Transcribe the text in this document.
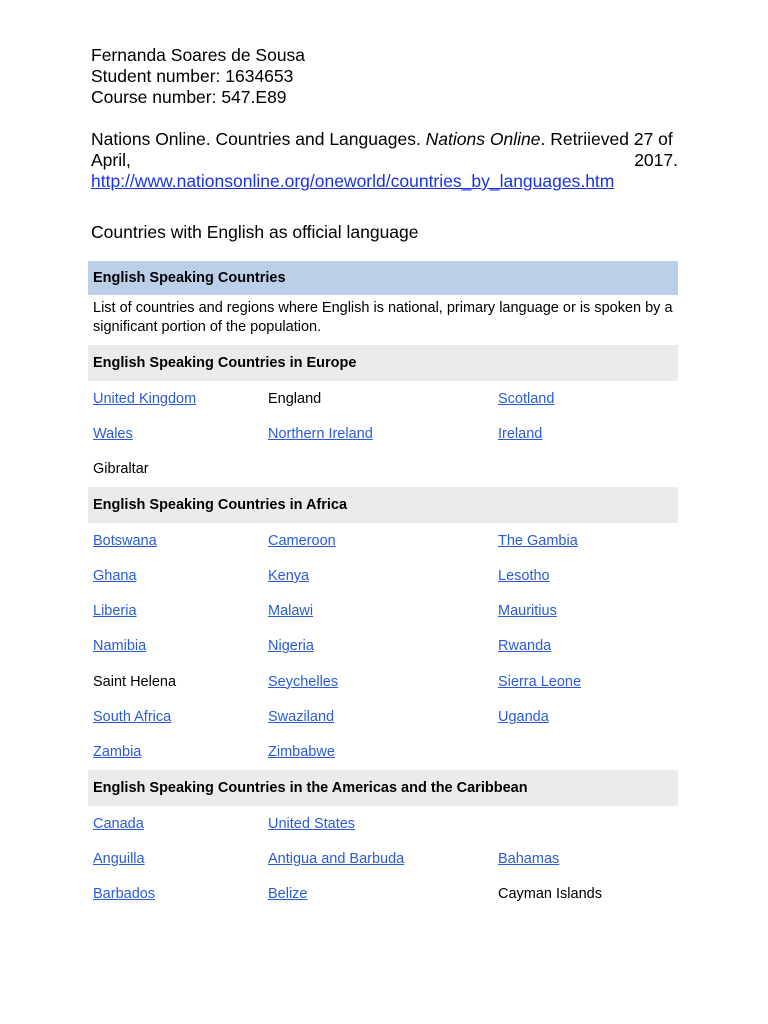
Fernanda Soares de Sousa
Student number: 1634653
Course number: 547.E89
Nations Online. Countries and Languages. Nations Online. Retriieved 27 of
April,	2017.
http://www.nationsonline.org/oneworld/countries_by_languages.htm
Countries with English as official language
English Speaking Countries
List of countries and regions where English is national, primary language or is spoken by a significant portion of the population.
English Speaking Countries in Europe
United Kingdom	England	Scotland
Wales	Northern Ireland	Ireland
Gibraltar
English Speaking Countries in Africa
Botswana	Cameroon	The Gambia
Ghana	Kenya	Lesotho
Liberia	Malawi	Mauritius
Namibia	Nigeria	Rwanda
Saint Helena	Seychelles	Sierra Leone
South Africa	Swaziland	Uganda
Zambia	Zimbabwe
English Speaking Countries in the Americas and the Caribbean
Canada	United States
Anguilla	Antigua and Barbuda	Bahamas
Barbados	Belize	Cayman Islands
